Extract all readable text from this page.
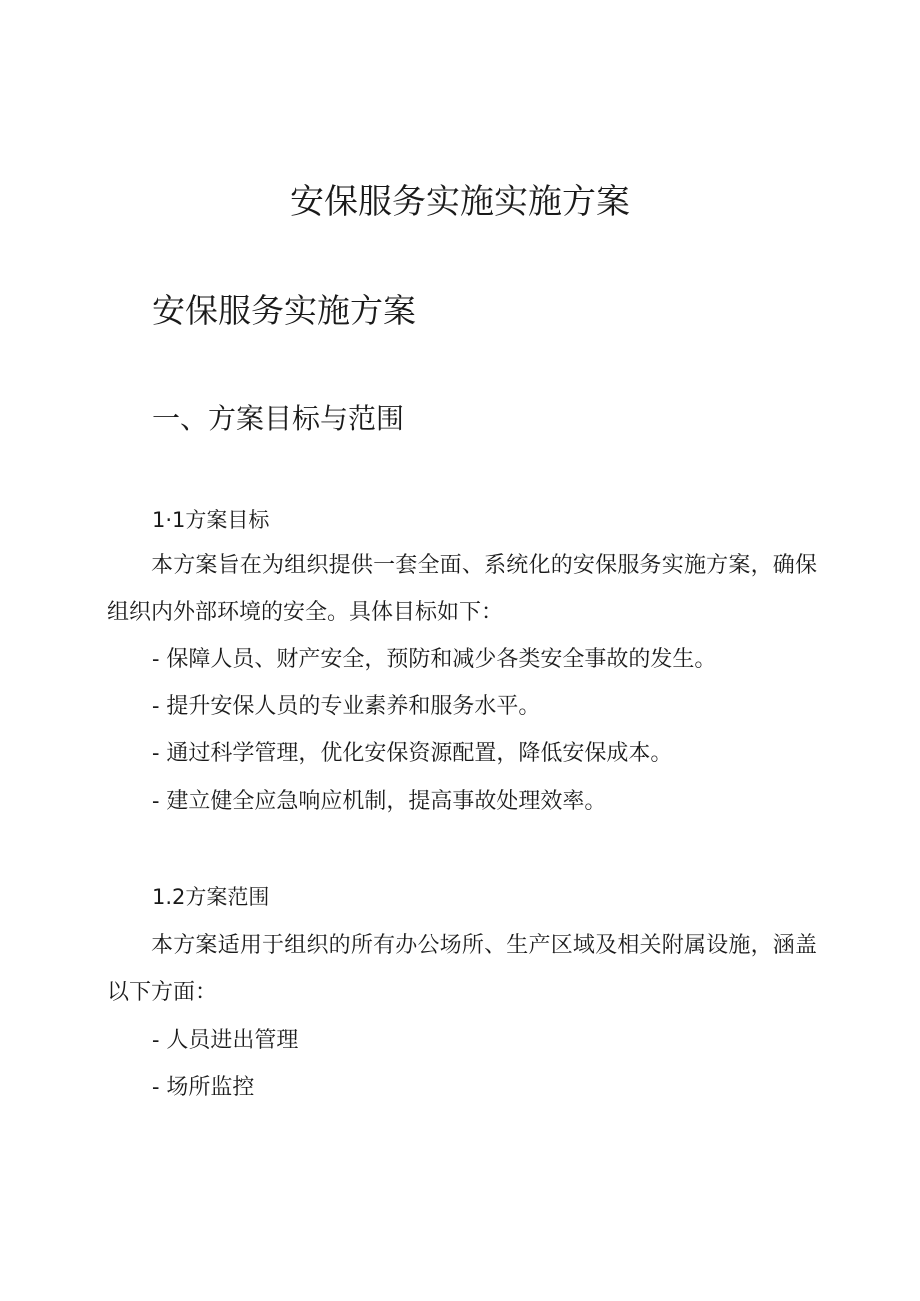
安保服务实施实施方案
安保服务实施方案
一、方案目标与范围
1·1方案目标

本方案旨在为组织提供一套全面、系统化的安保服务实施方案，确保组织内外部环境的安全。具体目标如下：

- 保障人员、财产安全，预防和减少各类安全事故的发生。

- 提升安保人员的专业素养和服务水平。

- 通过科学管理，优化安保资源配置，降低安保成本。

- 建立健全应急响应机制，提高事故处理效率。

1.2方案范围

本方案适用于组织的所有办公场所、生产区域及相关附属设施，涵盖以下方面：

- 人员进出管理

- 场所监控
